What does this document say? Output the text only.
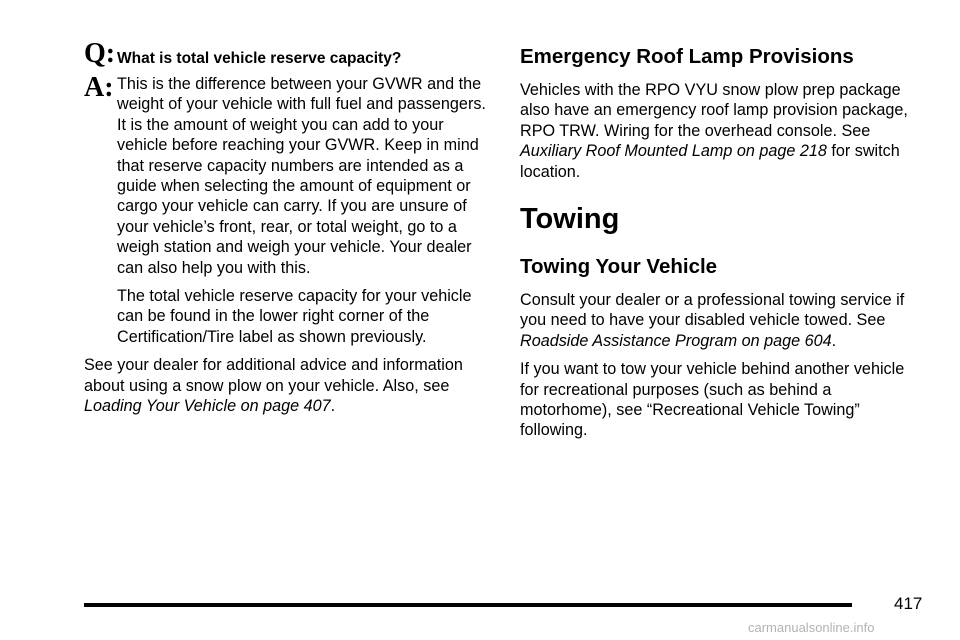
Q: What is total vehicle reserve capacity?
A: This is the difference between your GVWR and the weight of your vehicle with full fuel and passengers. It is the amount of weight you can add to your vehicle before reaching your GVWR. Keep in mind that reserve capacity numbers are intended as a guide when selecting the amount of equipment or cargo your vehicle can carry. If you are unsure of your vehicle’s front, rear, or total weight, go to a weigh station and weigh your vehicle. Your dealer can also help you with this.

The total vehicle reserve capacity for your vehicle can be found in the lower right corner of the Certification/Tire label as shown previously.

See your dealer for additional advice and information about using a snow plow on your vehicle. Also, see Loading Your Vehicle on page 407.

Emergency Roof Lamp Provisions

Vehicles with the RPO VYU snow plow prep package also have an emergency roof lamp provision package, RPO TRW. Wiring for the overhead console. See Auxiliary Roof Mounted Lamp on page 218 for switch location.

Towing
Towing Your Vehicle

Consult your dealer or a professional towing service if you need to have your disabled vehicle towed. See Roadside Assistance Program on page 604.

If you want to tow your vehicle behind another vehicle for recreational purposes (such as behind a motorhome), see “Recreational Vehicle Towing” following.

417
carmanualsonline.info
